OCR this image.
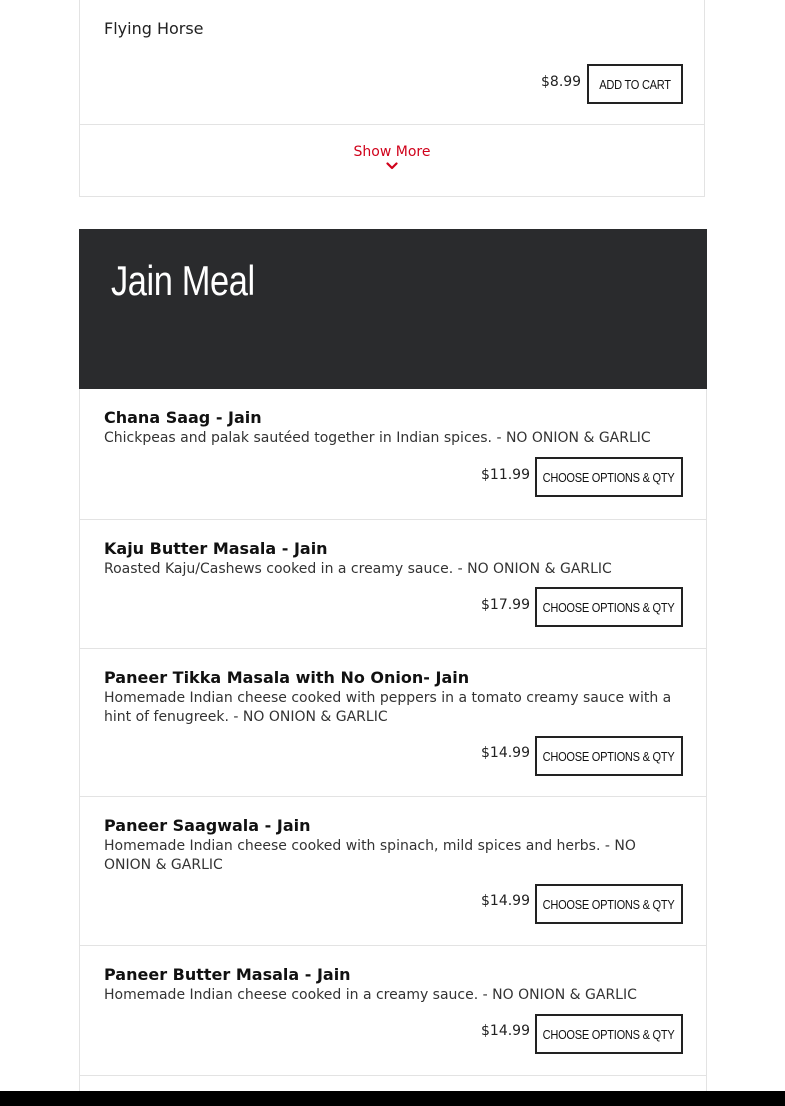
Flying Horse
$8.99 ADD TO CART
Show More
Jain Meal
Chana Saag - Jain
Chickpeas and palak sautéed together in Indian spices. - NO ONION & GARLIC
$11.99 CHOOSE OPTIONS & QTY
Kaju Butter Masala - Jain
Roasted Kaju/Cashews cooked in a creamy sauce. - NO ONION & GARLIC
$17.99 CHOOSE OPTIONS & QTY
Paneer Tikka Masala with No Onion- Jain
Homemade Indian cheese cooked with peppers in a tomato creamy sauce with a hint of fenugreek. - NO ONION & GARLIC
$14.99 CHOOSE OPTIONS & QTY
Paneer Saagwala - Jain
Homemade Indian cheese cooked with spinach, mild spices and herbs. - NO ONION & GARLIC
$14.99 CHOOSE OPTIONS & QTY
Paneer Butter Masala - Jain
Homemade Indian cheese cooked in a creamy sauce. - NO ONION & GARLIC
$14.99 CHOOSE OPTIONS & QTY
